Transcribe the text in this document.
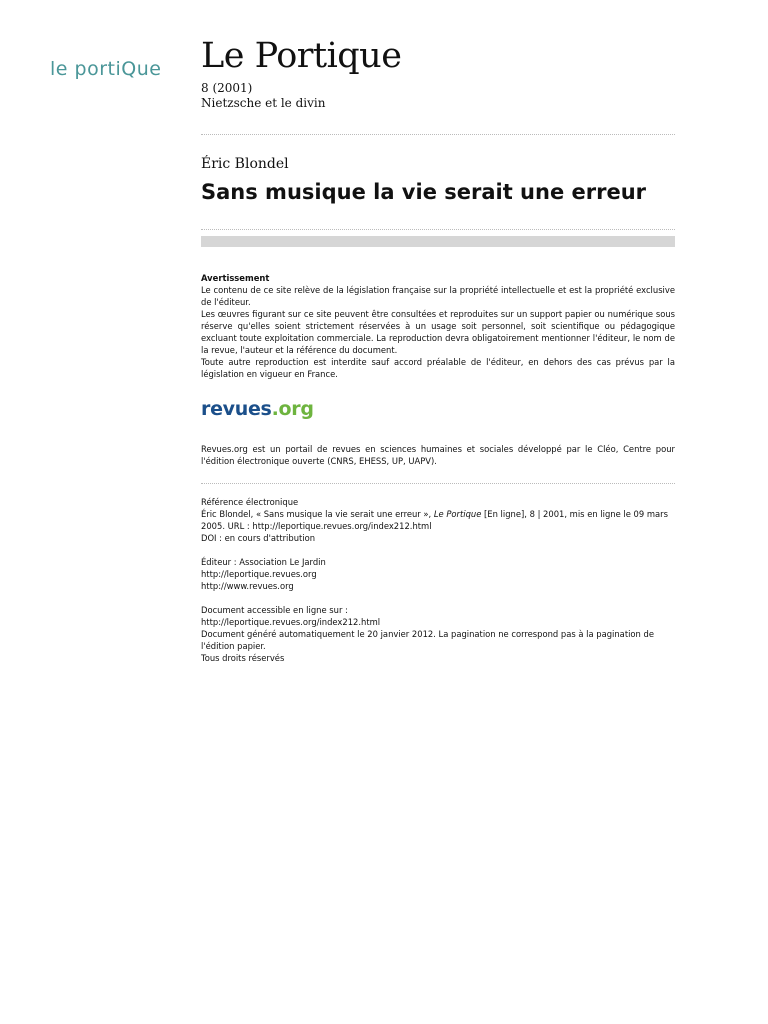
le portiQue Le Portique
8 (2001)
Nietzsche et le divin
Éric Blondel
Sans musique la vie serait une erreur
Avertissement

Le contenu de ce site relève de la législation française sur la propriété intellectuelle et est la propriété exclusive de l'éditeur.

Les œuvres figurant sur ce site peuvent être consultées et reproduites sur un support papier ou numérique sous réserve qu'elles soient strictement réservées à un usage soit personnel, soit scientifique ou pédagogique excluant toute exploitation commerciale. La reproduction devra obligatoirement mentionner l'éditeur, le nom de la revue, l'auteur et la référence du document.

Toute autre reproduction est interdite sauf accord préalable de l'éditeur, en dehors des cas prévus par la législation en vigueur en France.

revues.org

Revues.org est un portail de revues en sciences humaines et sociales développé par le Cléo, Centre pour l'édition électronique ouverte (CNRS, EHESS, UP, UAPV).

Référence électronique
Éric Blondel, « Sans musique la vie serait une erreur », Le Portique [En ligne], 8 | 2001, mis en ligne le 09 mars 2005. URL : http://leportique.revues.org/index212.html
DOI : en cours d'attribution
Éditeur : Association Le Jardin
http://leportique.revues.org
http://www.revues.org
Document accessible en ligne sur :
http://leportique.revues.org/index212.html
Document généré automatiquement le 20 janvier 2012. La pagination ne correspond pas à la pagination de l'édition papier.
Tous droits réservés
